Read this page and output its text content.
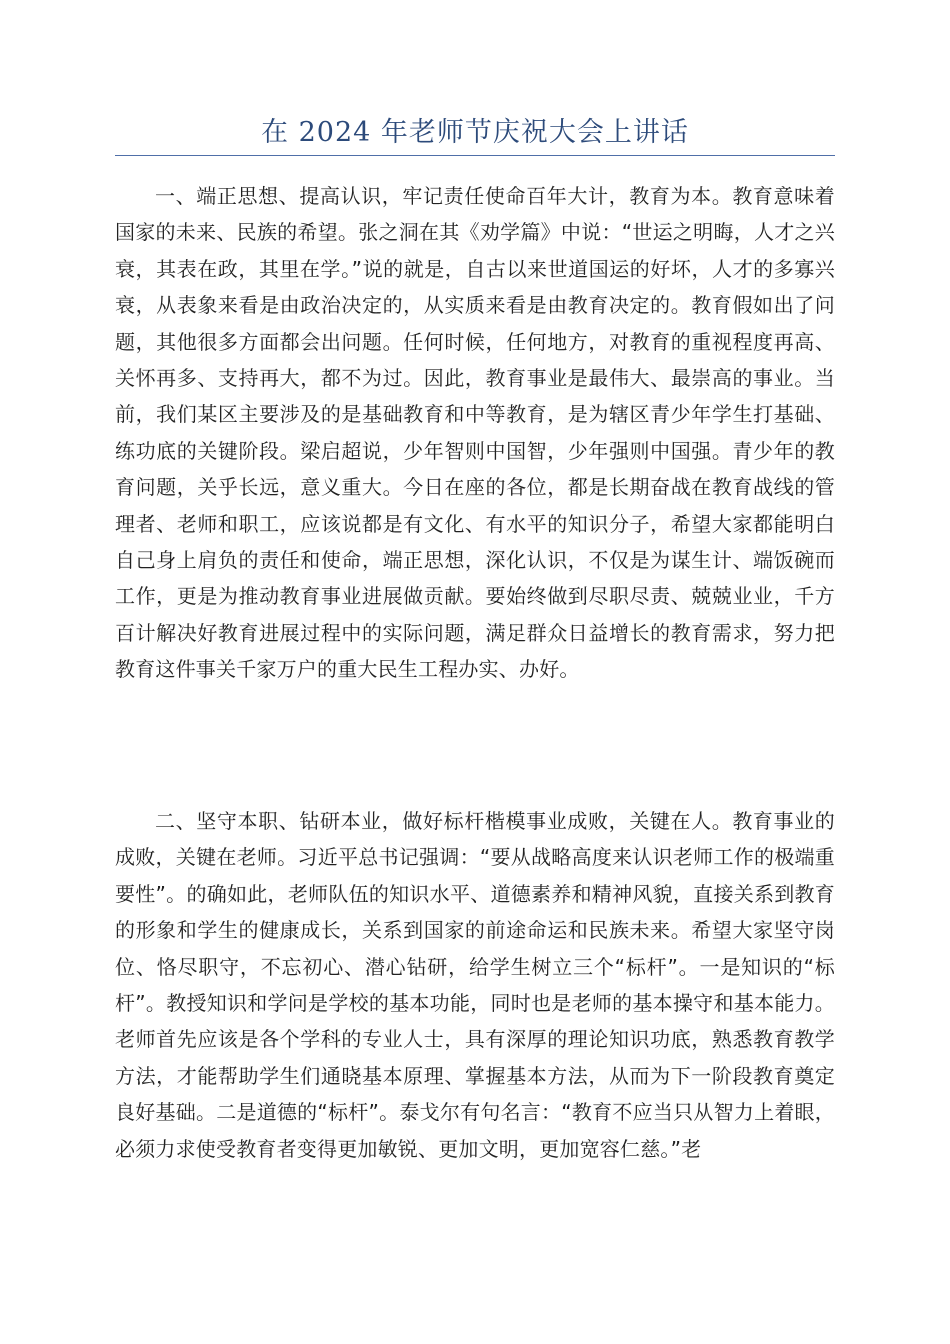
在 2024 年老师节庆祝大会上讲话

一、端正思想、提高认识，牢记责任使命百年大计，教育为本。教育意味着国家的未来、民族的希望。张之洞在其《劝学篇》中说：“世运之明晦，人才之兴衰，其表在政，其里在学。”说的就是，自古以来世道国运的好坏，人才的多寡兴衰，从表象来看是由政治决定的，从实质来看是由教育决定的。教育假如出了问题，其他很多方面都会出问题。任何时候，任何地方，对教育的重视程度再高、关怀再多、支持再大，都不为过。因此，教育事业是最伟大、最崇高的事业。当前，我们某区主要涉及的是基础教育和中等教育，是为辖区青少年学生打基础、练功底的关键阶段。梁启超说，少年智则中国智，少年强则中国强。青少年的教育问题，关乎长远，意义重大。今日在座的各位，都是长期奋战在教育战线的管理者、老师和职工，应该说都是有文化、有水平的知识分子，希望大家都能明白自己身上肩负的责任和使命，端正思想，深化认识，不仅是为谋生计、端饭碗而工作，更是为推动教育事业进展做贡献。要始终做到尽职尽责、兢兢业业，千方百计解决好教育进展过程中的实际问题，满足群众日益增长的教育需求，努力把教育这件事关千家万户的重大民生工程办实、办好。

二、坚守本职、钻研本业，做好标杆楷模事业成败，关键在人。教育事业的成败，关键在老师。习近平总书记强调：“要从战略高度来认识老师工作的极端重要性”。的确如此，老师队伍的知识水平、道德素养和精神风貌，直接关系到教育的形象和学生的健康成长，关系到国家的前途命运和民族未来。希望大家坚守岗位、恪尽职守，不忘初心、潜心钻研，给学生树立三个“标杆”。一是知识的“标杆”。教授知识和学问是学校的基本功能，同时也是老师的基本操守和基本能力。老师首先应该是各个学科的专业人士，具有深厚的理论知识功底，熟悉教育教学方法，才能帮助学生们通晓基本原理、掌握基本方法，从而为下一阶段教育奠定良好基础。二是道德的“标杆”。泰戈尔有句名言：“教育不应当只从智力上着眼，必须力求使受教育者变得更加敏锐、更加文明，更加宽容仁慈。”老
